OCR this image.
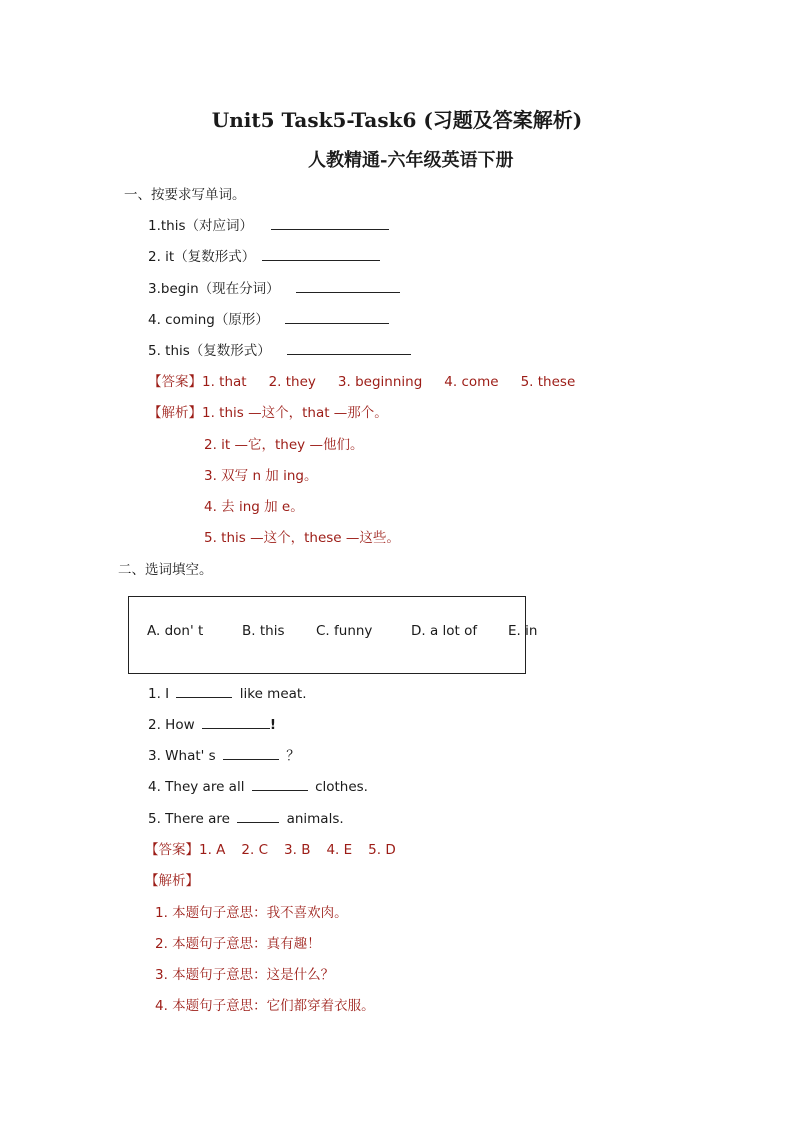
Unit5 Task5-Task6 (习题及答案解析)
人教精通-六年级英语下册
一、按要求写单词。
1.this（对应词）
2. it（复数形式）
3.begin（现在分词）
4. coming（原形）
5. this（复数形式）
【答案】1. that 2. they 3. beginning 4. come 5. these
【解析】1. this —这个，that —那个。
2. it —它，they —他们。
3. 双写 n 加 ing。
4. 去 ing 加 e。
5. this —这个，these —这些。
二、选词填空。
A. don' t	B. this C. funny	D. a lot of E. in
1. I	like meat.
2. How	!
3. What' s	？
4. They are all	clothes.
5. There are	animals.
【答案】1. A 2. C 3. B 4. E 5. D
【解析】
1. 本题句子意思：我不喜欢肉。
2. 本题句子意思：真有趣！
3. 本题句子意思：这是什么？
4. 本题句子意思：它们都穿着衣服。
